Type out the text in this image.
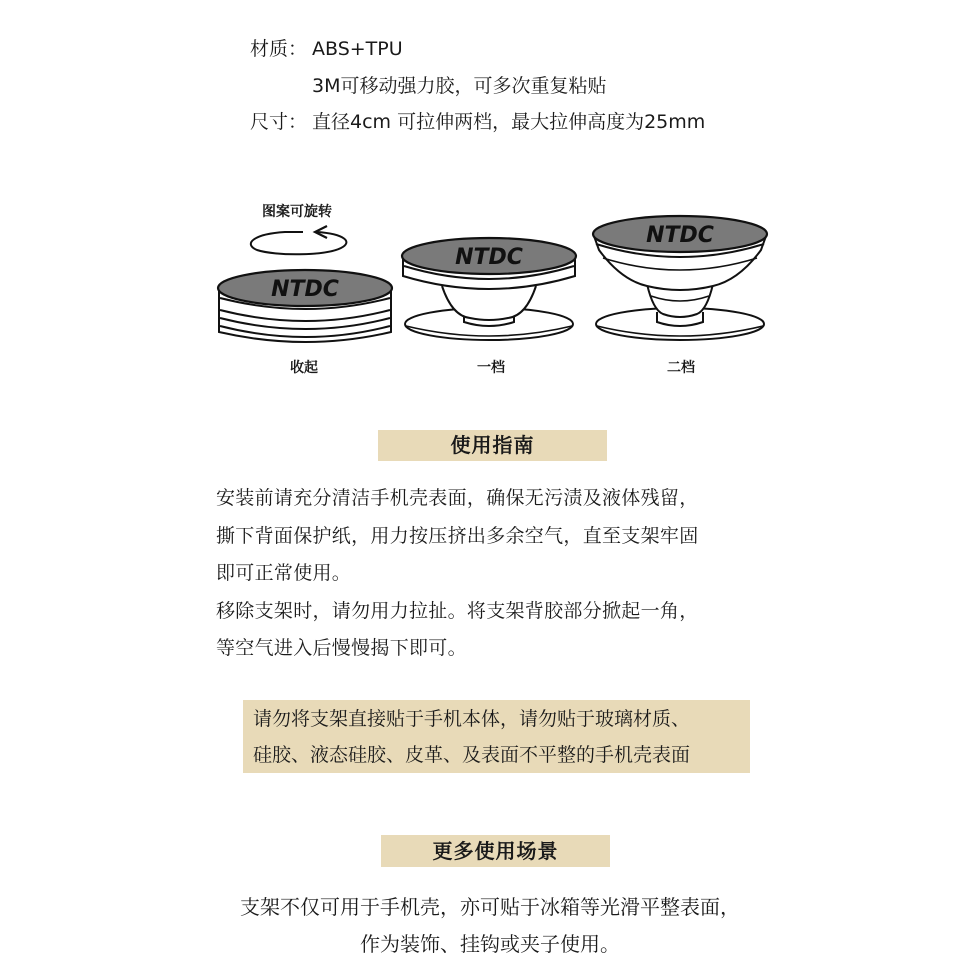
材质： ABS+TPU
3M可移动强力胶，可多次重复粘贴
尺寸： 直径4cm 可拉伸两档，最大拉伸高度为25mm
图案可旋转
NTDC
收起
NTDC
一档
NTDC
二档
使用指南
安装前请充分清洁手机壳表面，确保无污渍及液体残留，
撕下背面保护纸，用力按压挤出多余空气，直至支架牢固
即可正常使用。
移除支架时，请勿用力拉扯。将支架背胶部分掀起一角，
等空气进入后慢慢揭下即可。
请勿将支架直接贴于手机本体，请勿贴于玻璃材质、
硅胶、液态硅胶、皮革、及表面不平整的手机壳表面
更多使用场景
支架不仅可用于手机壳，亦可贴于冰箱等光滑平整表面，
作为装饰、挂钩或夹子使用。
